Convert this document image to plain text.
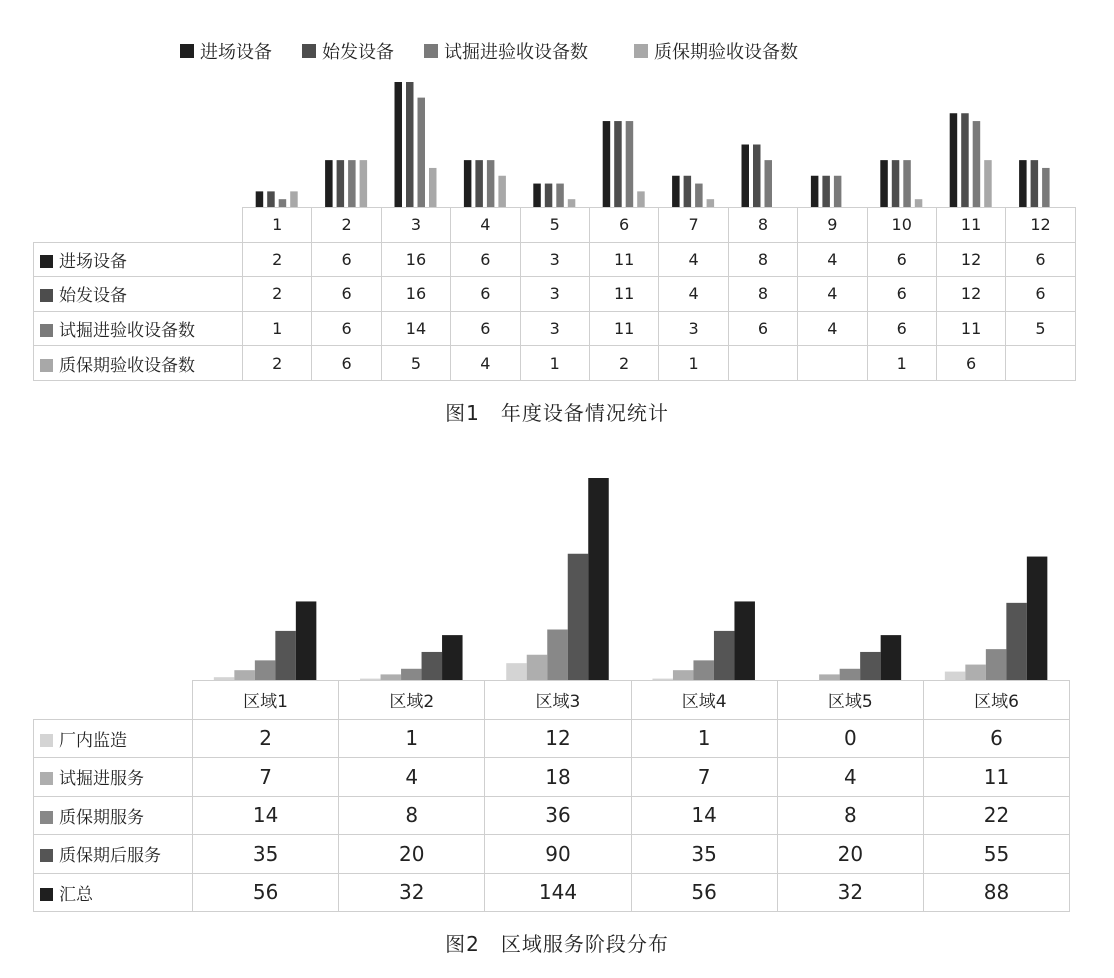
进场设备	始发设备	试掘进验收设备数	质保期验收设备数
	1	2	3	4	5	6	7	8	9	10	11	12
进场设备	2	6	16	6	3	11	4	8	4	6	12	6
始发设备	2	6	16	6	3	11	4	8	4	6	12	6
试掘进验收设备数	1	6	14	6	3	11	3	6	4	6	11	5
质保期验收设备数	2	6	5	4	1	2	1			1	6	
图1  年度设备情况统计
	区域1	区域2	区域3	区域4	区域5	区域6
厂内监造	2	1	12	1	0	6
试掘进服务	7	4	18	7	4	11
质保期服务	14	8	36	14	8	22
质保期后服务	35	20	90	35	20	55
汇总	56	32	144	56	32	88
图2  区域服务阶段分布
